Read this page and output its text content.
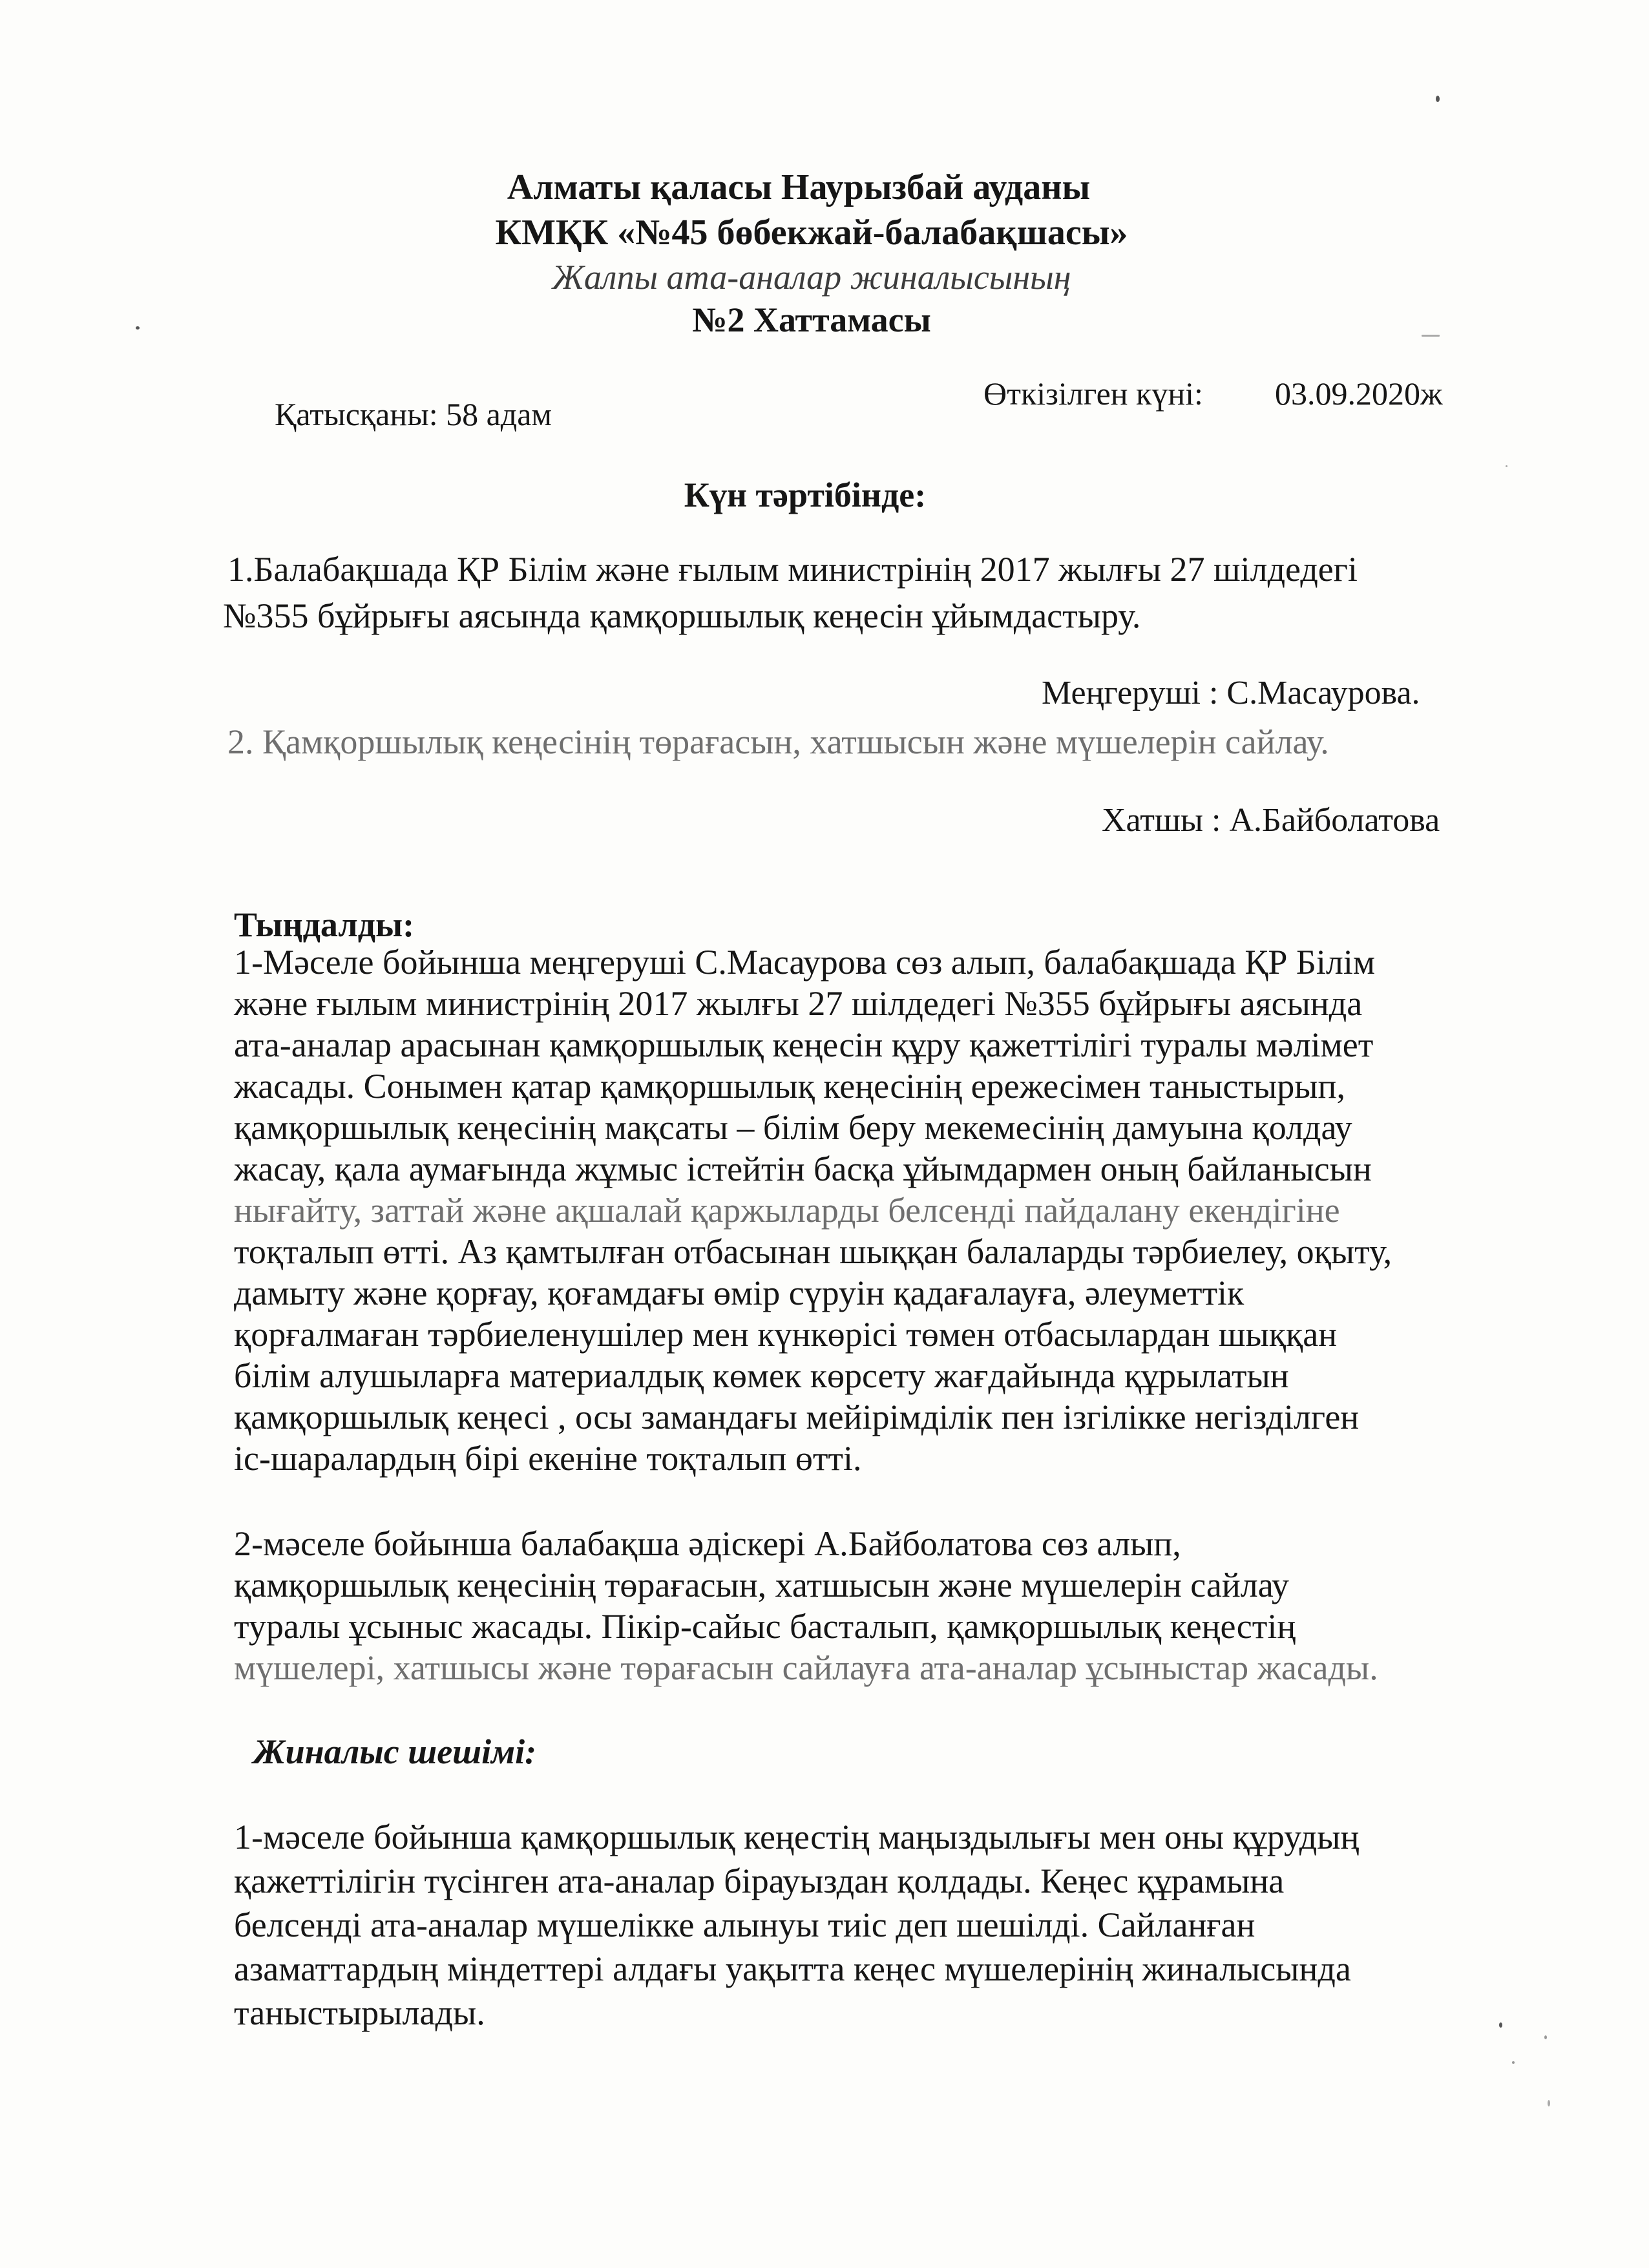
Алматы қаласы Наурызбай ауданы
КМҚК «№45 бөбекжай-балабақшасы»
Жалпы ата-аналар жиналысының
№2 Хаттамасы
Қатысқаны: 58 адам
Өткізілген күні: 03.09.2020ж
Күн тәртібінде:
1.Балабақшада ҚР Білім және ғылым министрінің 2017 жылғы 27 шілдедегі
№355 бұйрығы аясында қамқоршылық кеңесін ұйымдастыру.
Меңгеруші : С.Масаурова.
2. Қамқоршылық кеңесінің төрағасын, хатшысын және мүшелерін сайлау.
Хатшы : А.Байболатова
Тыңдалды:
1-Мәселе бойынша меңгеруші С.Масаурова сөз алып, балабақшада ҚР Білім
және ғылым министрінің 2017 жылғы 27 шілдедегі №355 бұйрығы аясында
ата-аналар арасынан қамқоршылық кеңесін құру қажеттілігі туралы мәлімет
жасады. Сонымен қатар қамқоршылық кеңесінің ережесімен таныстырып,
қамқоршылық кеңесінің мақсаты – білім беру мекемесінің дамуына қолдау
жасау, қала аумағында жұмыс істейтін басқа ұйымдармен оның байланысын
нығайту, заттай және ақшалай қаржыларды белсенді пайдалану екендігіне
тоқталып өтті. Аз қамтылған отбасынан шыққан балаларды тәрбиелеу, оқыту,
дамыту және қорғау, қоғамдағы өмір сүруін қадағалауға, әлеуметтік
қорғалмаған тәрбиеленушілер мен күнкөрісі төмен отбасылардан шыққан
білім алушыларға материалдық көмек көрсету жағдайында құрылатын
қамқоршылық кеңесі , осы замандағы мейірімділік пен ізгілікке негізділген
іс-шаралардың бірі екеніне тоқталып өтті.
2-мәселе бойынша балабақша әдіскері А.Байболатова сөз алып,
қамқоршылық кеңесінің төрағасын, хатшысын және мүшелерін сайлау
туралы ұсыныс жасады. Пікір-сайыс басталып, қамқоршылық кеңестің
мүшелері, хатшысы және төрағасын сайлауға ата-аналар ұсыныстар жасады.
Жиналыс шешімі:
1-мәселе бойынша қамқоршылық кеңестің маңыздылығы мен оны құрудың
қажеттілігін түсінген ата-аналар бірауыздан қолдады. Кеңес құрамына
белсенді ата-аналар мүшелікке алынуы тиіс деп шешілді. Сайланған
азаматтардың міндеттері алдағы уақытта кеңес мүшелерінің жиналысында
таныстырылады.
